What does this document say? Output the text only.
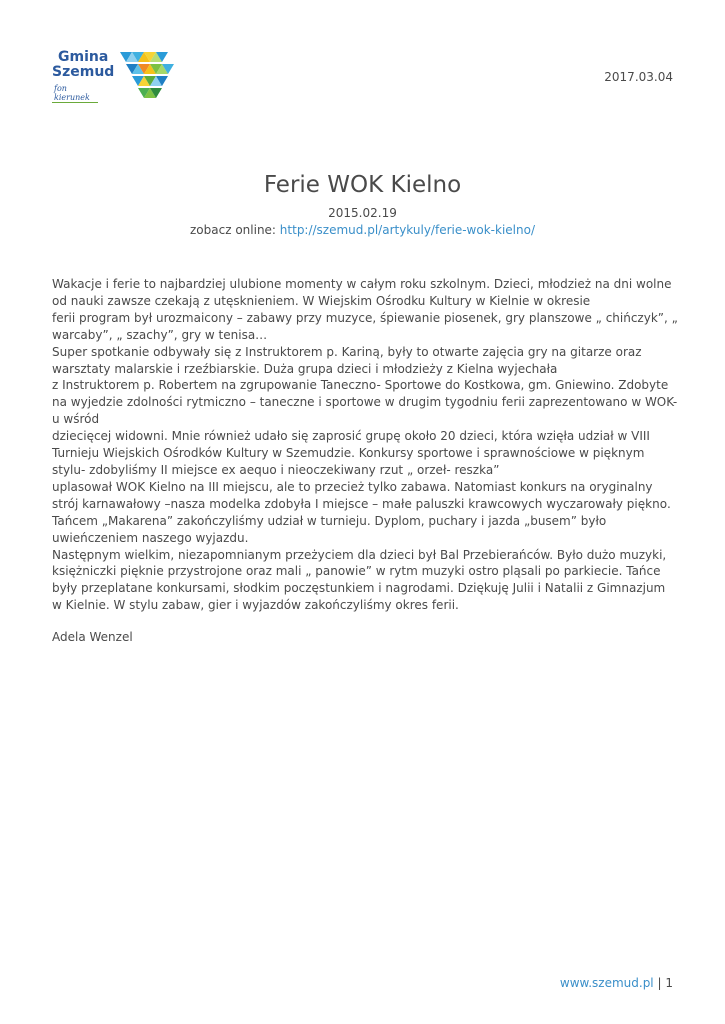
Gmina
Szemud
fon kierunek
2017.03.04
Ferie WOK Kielno
2015.02.19
zobacz online: http://szemud.pl/artykuly/ferie-wok-kielno/

Wakacje i ferie to najbardziej ulubione momenty w całym roku szkolnym. Dzieci, młodzież na dni wolne od nauki zawsze czekają z utęsknieniem. W Wiejskim Ośrodku Kultury w Kielnie w okresie

ferii program był urozmaicony – zabawy przy muzyce, śpiewanie piosenek, gry planszowe „ chińczyk”, „ warcaby”, „ szachy”, gry w tenisa…

Super spotkanie odbywały się z Instruktorem p. Kariną, były to otwarte zajęcia gry na gitarze oraz warsztaty malarskie i rzeźbiarskie. Duża grupa dzieci i młodzieży z Kielna wyjechała

z Instruktorem p. Robertem na zgrupowanie Taneczno- Sportowe do Kostkowa, gm. Gniewino. Zdobyte na wyjedzie zdolności rytmiczno – taneczne i sportowe w drugim tygodniu ferii zaprezentowano w WOK-u wśród

dziecięcej widowni. Mnie również udało się zaprosić grupę około 20 dzieci, która wzięła udział w VIII Turnieju Wiejskich Ośrodków Kultury w Szemudzie. Konkursy sportowe i sprawnościowe w pięknym stylu- zdobyliśmy II miejsce ex aequo i nieoczekiwany rzut „ orzeł- reszka”

uplasował WOK Kielno na III miejscu, ale to przecież tylko zabawa. Natomiast konkurs na oryginalny strój karnawałowy –nasza modelka zdobyła I miejsce – małe paluszki krawcowych wyczarowały pięknо. Tańcem „Makarena” zakończyliśmy udział w turnieju. Dyplom, puchary i jazda „busem” było uwieńczeniem naszego wyjazdu.

Następnym wielkim, niezapomnianym przeżyciem dla dzieci był Bal Przebierańców. Było dużo muzyki, księżniczki pięknie przystrojone oraz mali „ panowie” w rytm muzyki ostro pląsali po parkiecie. Tańce były przeplatane konkursami, słodkim poczęstunkiem i nagrodami. Dziękuję Julii i Natalii z Gimnazjum w Kielnie. W stylu zabaw, gier i wyjazdów zakończyliśmy okres ferii.

Adela Wenzel
www.szemud.pl | 1
